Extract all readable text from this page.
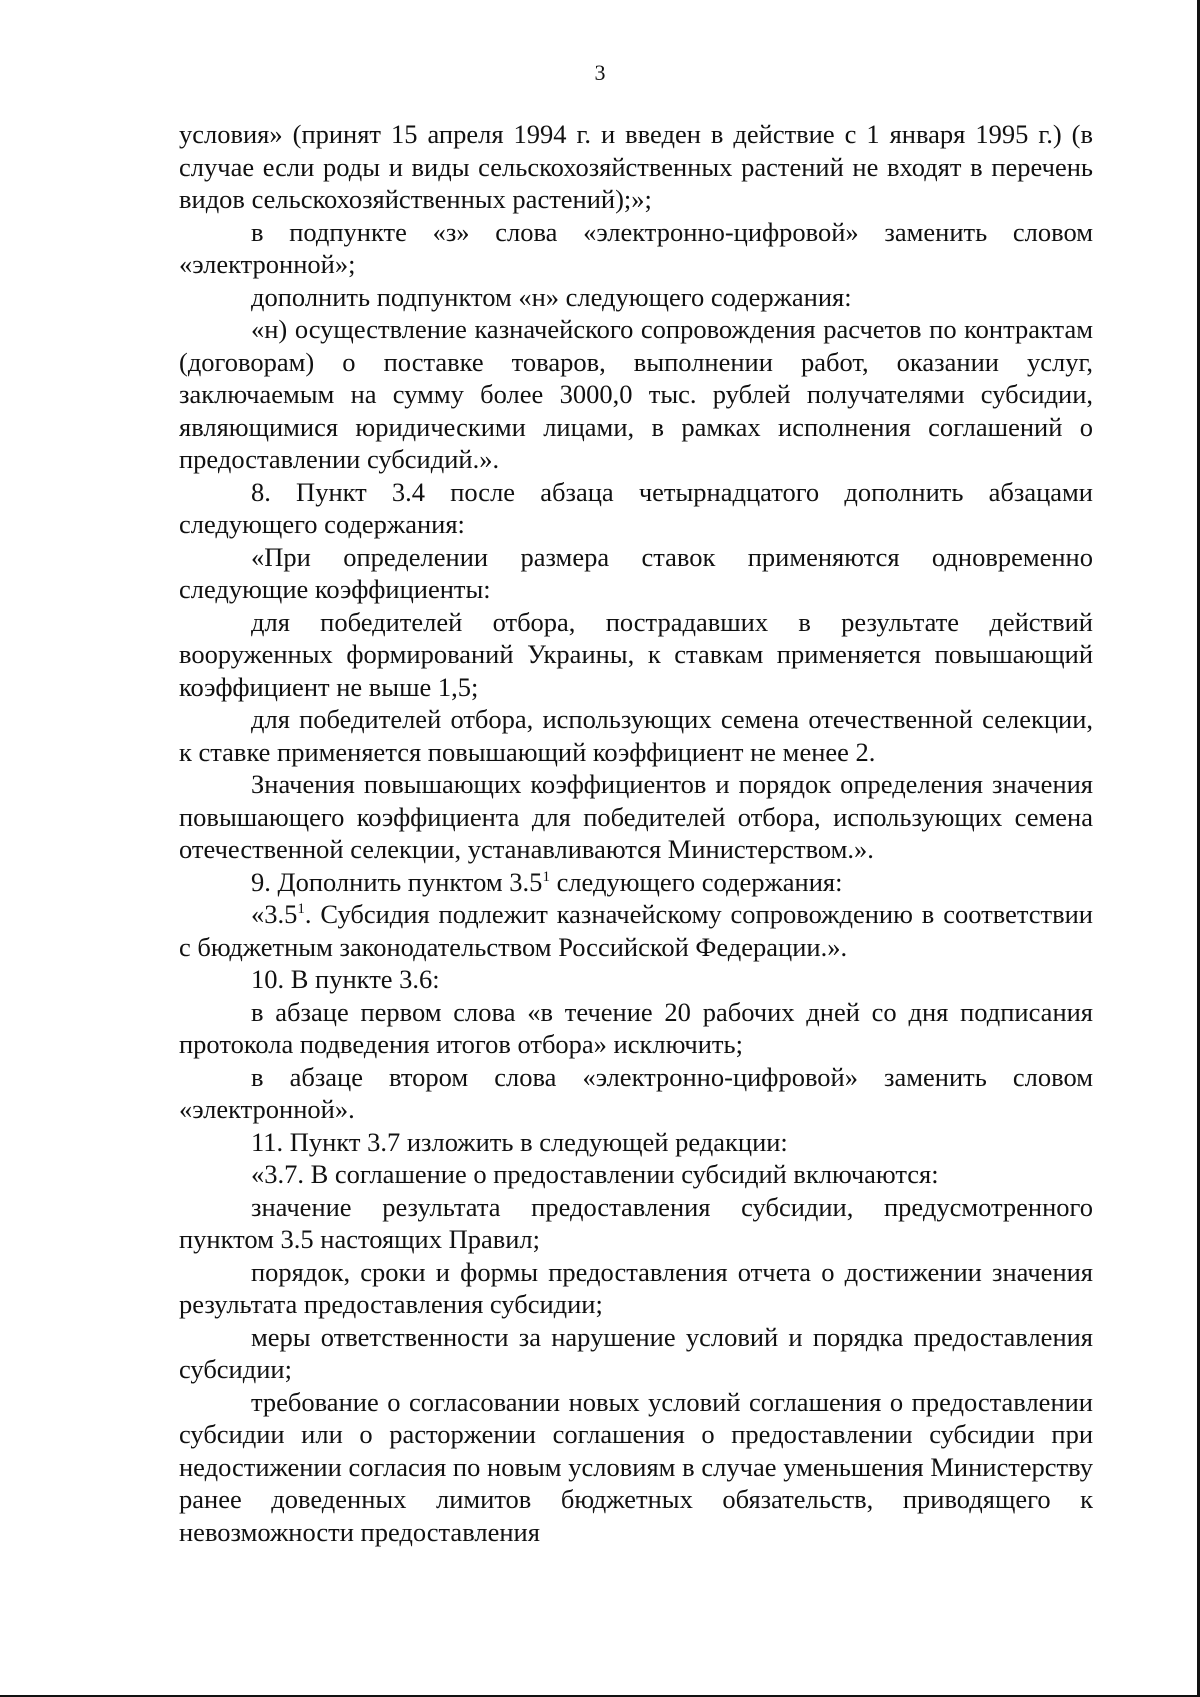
3

условия» (принят 15 апреля 1994 г. и введен в действие с 1 января 1995 г.) (в случае если роды и виды сельскохозяйственных растений не входят в перечень видов сельскохозяйственных растений);»;

в подпункте «з» слова «электронно-цифровой» заменить словом «электронной»;

дополнить подпунктом «н» следующего содержания:

«н) осуществление казначейского сопровождения расчетов по контрактам (договорам) о поставке товаров, выполнении работ, оказании услуг, заключаемым на сумму более 3000,0 тыс. рублей получателями субсидии, являющимися юридическими лицами, в рамках исполнения соглашений о предоставлении субсидий.».

8. Пункт 3.4 после абзаца четырнадцатого дополнить абзацами следующего содержания:

«При определении размера ставок применяются одновременно следующие коэффициенты:

для победителей отбора, пострадавших в результате действий вооруженных формирований Украины, к ставкам применяется повышающий коэффициент не выше 1,5;

для победителей отбора, использующих семена отечественной селекции, к ставке применяется повышающий коэффициент не менее 2.

Значения повышающих коэффициентов и порядок определения значения повышающего коэффициента для победителей отбора, использующих семена отечественной селекции, устанавливаются Министерством.».

9. Дополнить пунктом $3.5^1$ следующего содержания:

«$3.5^1$. Субсидия подлежит казначейскому сопровождению в соответствии с бюджетным законодательством Российской Федерации.».

10. В пункте 3.6:

в абзаце первом слова «в течение 20 рабочих дней со дня подписания протокола подведения итогов отбора» исключить;

в абзаце втором слова «электронно-цифровой» заменить словом «электронной».

11. Пункт 3.7 изложить в следующей редакции:

«3.7. В соглашение о предоставлении субсидий включаются:

значение результата предоставления субсидии, предусмотренного пунктом 3.5 настоящих Правил;

порядок, сроки и формы предоставления отчета о достижении значения результата предоставления субсидии;

меры ответственности за нарушение условий и порядка предоставления субсидии;

требование о согласовании новых условий соглашения о предоставлении субсидии или о расторжении соглашения о предоставлении субсидии при недостижении согласия по новым условиям в случае уменьшения Министерству ранее доведенных лимитов бюджетных обязательств, приводящего к невозможности предоставления
